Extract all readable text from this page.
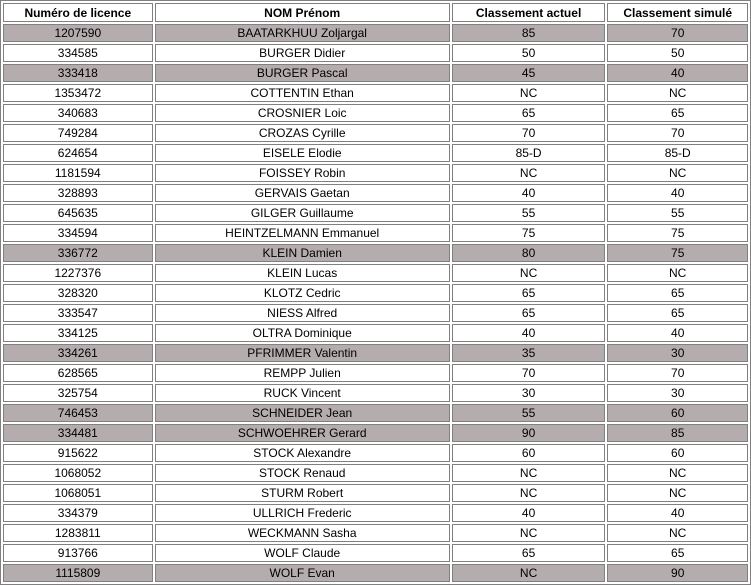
Numéro de licence	NOM Prénom	Classement actuel	Classement simulé
1207590	BAATARKHUU Zoljargal	85	70
334585	BURGER Didier	50	50
333418	BURGER Pascal	45	40
1353472	COTTENTIN Ethan	NC	NC
340683	CROSNIER Loic	65	65
749284	CROZAS Cyrille	70	70
624654	EISELE Elodie	85-D	85-D
1181594	FOISSEY Robin	NC	NC
328893	GERVAIS Gaetan	40	40
645635	GILGER Guillaume	55	55
334594	HEINTZELMANN Emmanuel	75	75
336772	KLEIN Damien	80	75
1227376	KLEIN Lucas	NC	NC
328320	KLOTZ Cedric	65	65
333547	NIESS Alfred	65	65
334125	OLTRA Dominique	40	40
334261	PFRIMMER Valentin	35	30
628565	REMPP Julien	70	70
325754	RUCK Vincent	30	30
746453	SCHNEIDER Jean	55	60
334481	SCHWOEHRER Gerard	90	85
915622	STOCK Alexandre	60	60
1068052	STOCK Renaud	NC	NC
1068051	STURM Robert	NC	NC
334379	ULLRICH Frederic	40	40
1283811	WECKMANN Sasha	NC	NC
913766	WOLF Claude	65	65
1115809	WOLF Evan	NC	90
